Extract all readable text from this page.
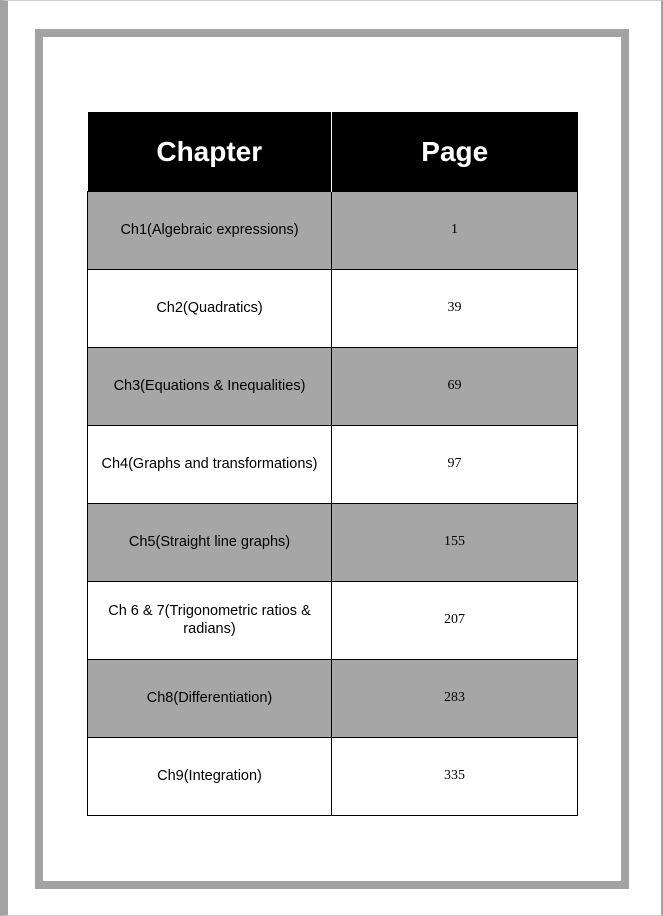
Chapter	Page
Ch1(Algebraic expressions)	1
Ch2(Quadratics)	39
Ch3(Equations & Inequalities)	69
Ch4(Graphs and transformations)	97
Ch5(Straight line graphs)	155
Ch 6 & 7(Trigonometric ratios & radians)	207
Ch8(Differentiation)	283
Ch9(Integration)	335
